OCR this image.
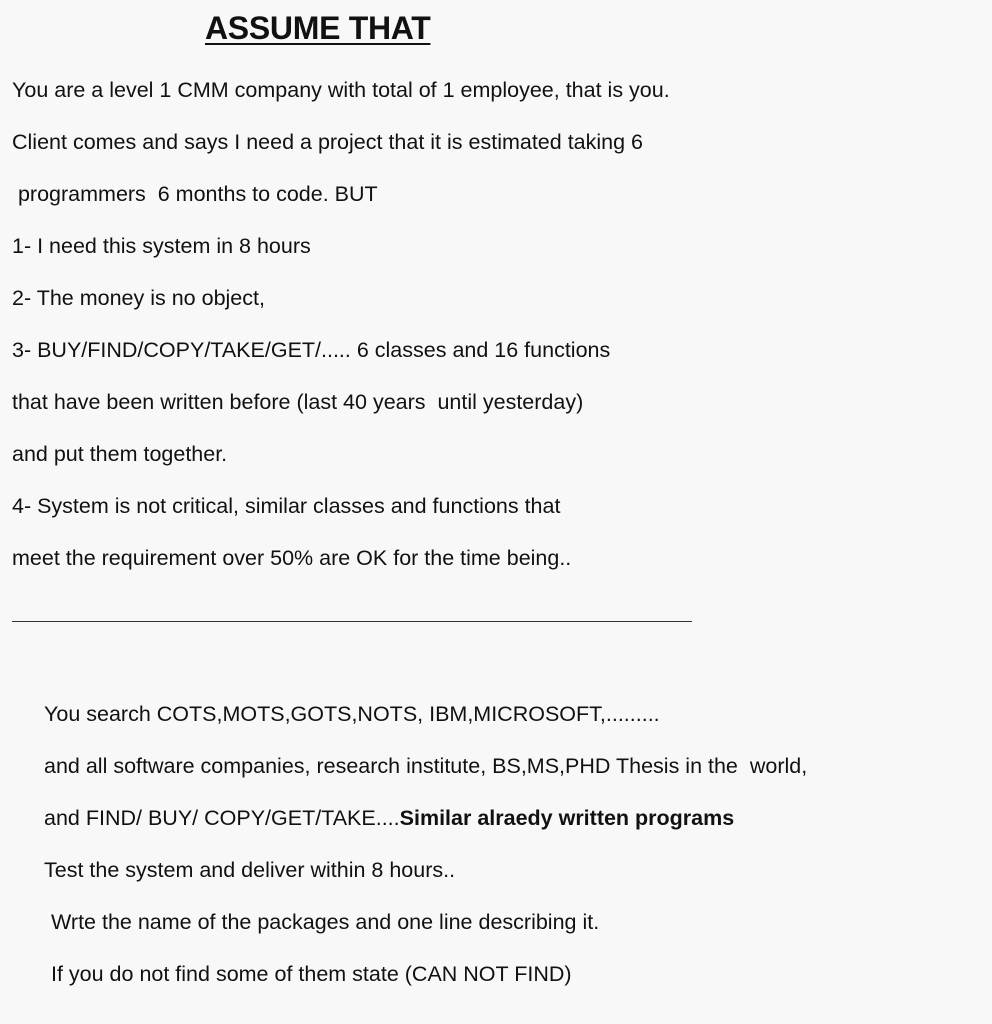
ASSUME THAT
You are a level 1 CMM company with total of 1 employee, that is you.
Client comes and says I need a project that it is estimated taking 6
programmers  6 months to code. BUT
1- I need this system in 8 hours
2- The money is no object,
3- BUY/FIND/COPY/TAKE/GET/..... 6 classes and 16 functions
that have been written before (last 40 years  until yesterday)
and put them together.
4- System is not critical, similar classes and functions that
meet the requirement over 50% are OK for the time being..
You search COTS,MOTS,GOTS,NOTS, IBM,MICROSOFT,.........
and all software companies, research institute, BS,MS,PHD Thesis in the  world,
and FIND/ BUY/ COPY/GET/TAKE....Similar alraedy written programs
Test the system and deliver within 8 hours..
Wrte the name of the packages and one line describing it.
If you do not find some of them state (CAN NOT FIND)
